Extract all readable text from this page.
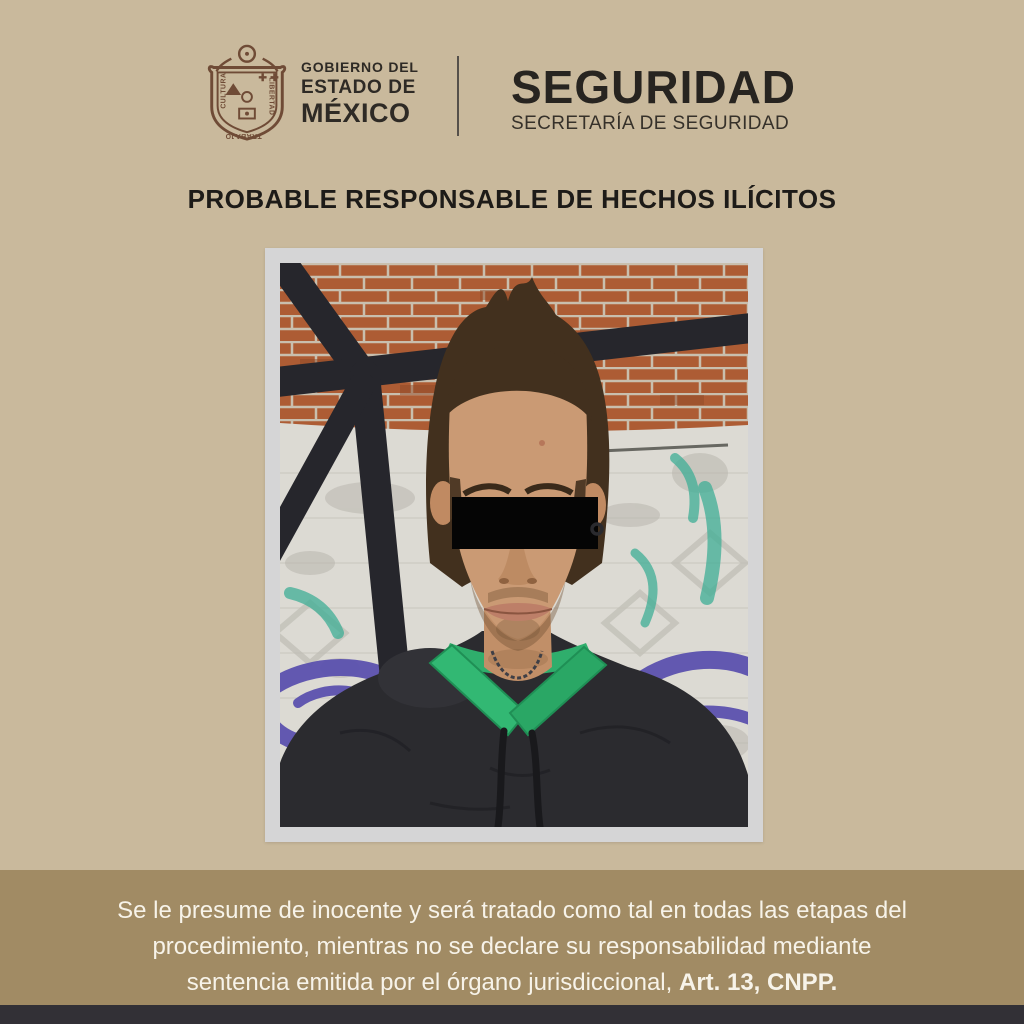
CULTURA	LIBERTAD
TRABAJO
GOBIERNO DEL
ESTADO DE
MÉXICO SEGURIDAD
SECRETARÍA DE SEGURIDAD
PROBABLE RESPONSABLE DE HECHOS ILÍCITOS
Se le presume de inocente y será tratado como tal en todas las etapas del
procedimiento, mientras no se declare su responsabilidad mediante
sentencia emitida por el órgano jurisdiccional, Art. 13, CNPP.
